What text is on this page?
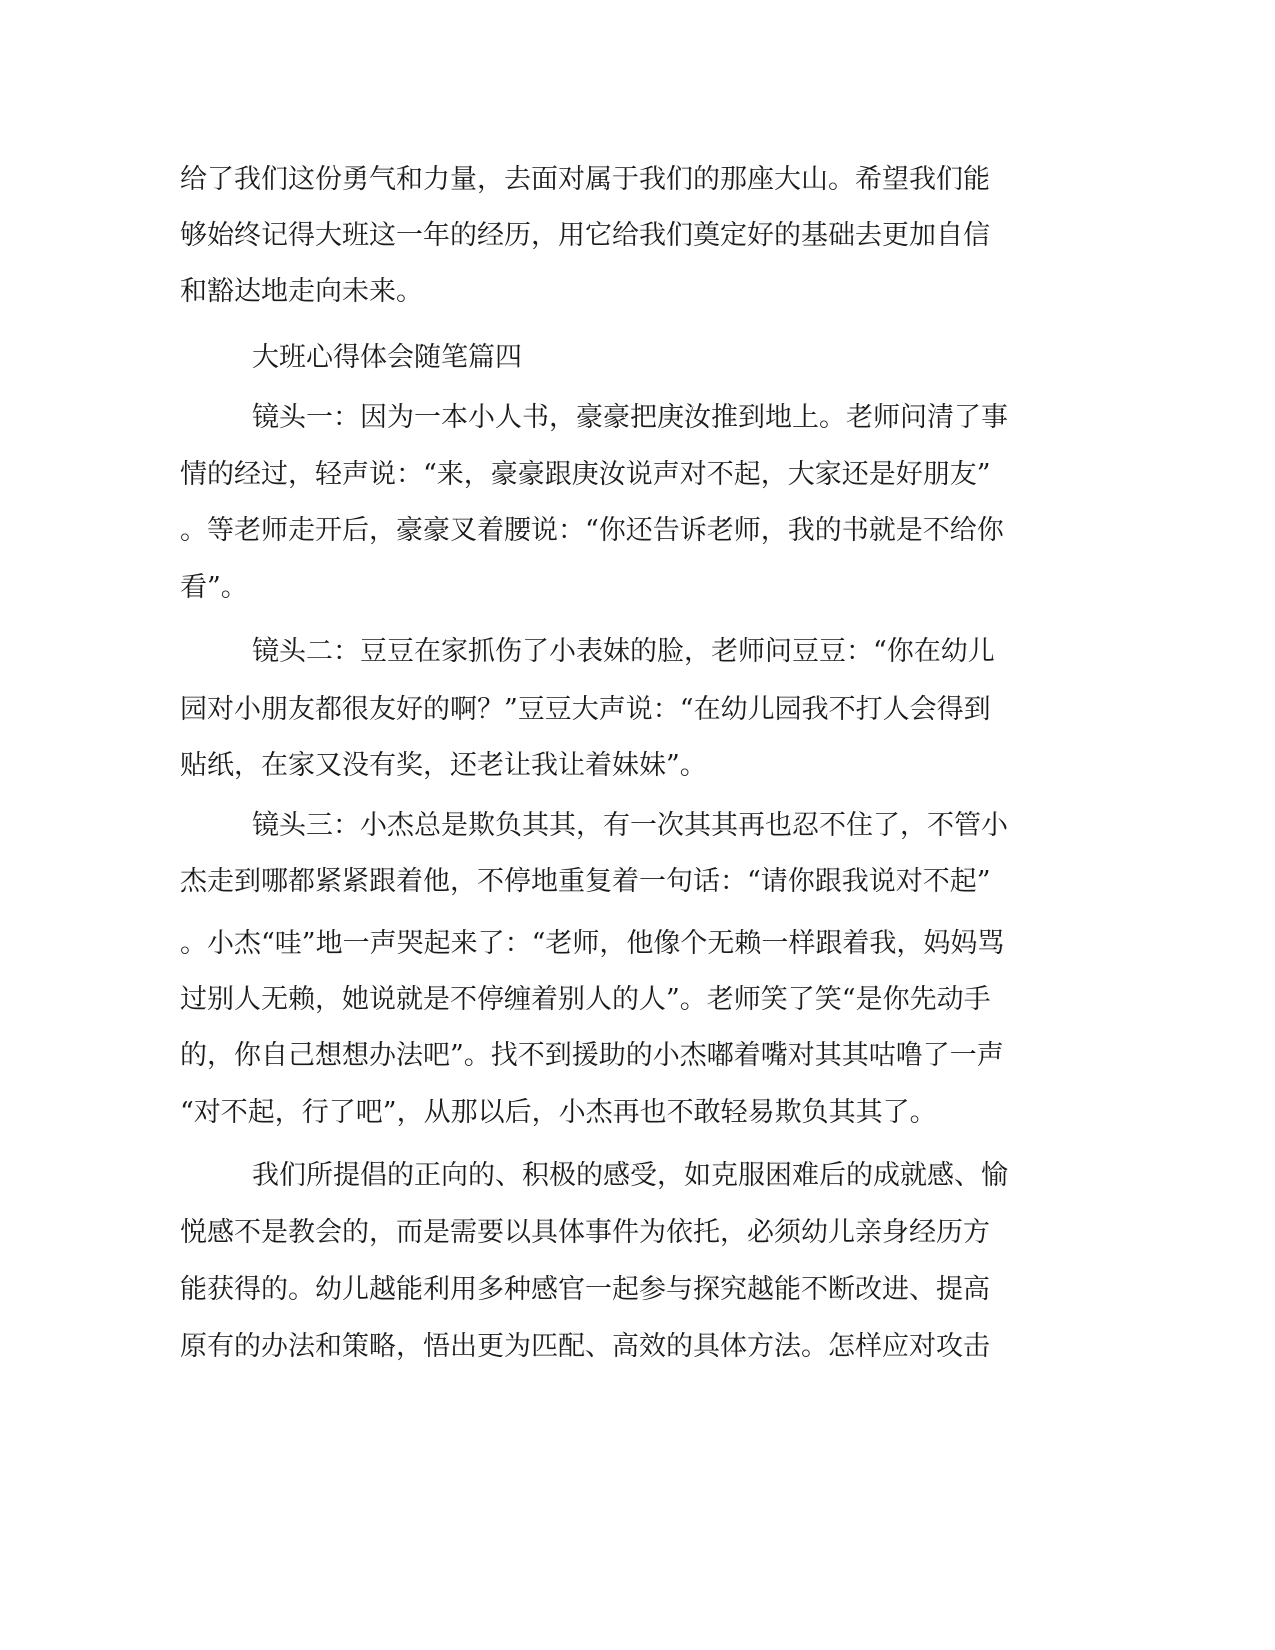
给了我们这份勇气和力量，去面对属于我们的那座大山。希望我们能

够始终记得大班这一年的经历，用它给我们奠定好的基础去更加自信

和豁达地走向未来。

大班心得体会随笔篇四

镜头一：因为一本小人书，豪豪把庚汝推到地上。老师问清了事

情的经过，轻声说：“来，豪豪跟庚汝说声对不起，大家还是好朋友”

。等老师走开后，豪豪叉着腰说：“你还告诉老师，我的书就是不给你

看”。

镜头二：豆豆在家抓伤了小表妹的脸，老师问豆豆：“你在幼儿

园对小朋友都很友好的啊？”豆豆大声说：“在幼儿园我不打人会得到

贴纸，在家又没有奖，还老让我让着妹妹”。

镜头三：小杰总是欺负其其，有一次其其再也忍不住了，不管小

杰走到哪都紧紧跟着他，不停地重复着一句话：“请你跟我说对不起”

。小杰“哇”地一声哭起来了：“老师，他像个无赖一样跟着我，妈妈骂

过别人无赖，她说就是不停缠着别人的人”。老师笑了笑“是你先动手

的，你自己想想办法吧”。找不到援助的小杰嘟着嘴对其其咕噜了一声

“对不起，行了吧”，从那以后，小杰再也不敢轻易欺负其其了。

我们所提倡的正向的、积极的感受，如克服困难后的成就感、愉

悦感不是教会的，而是需要以具体事件为依托，必须幼儿亲身经历方

能获得的。幼儿越能利用多种感官一起参与探究越能不断改进、提高

原有的办法和策略，悟出更为匹配、高效的具体方法。怎样应对攻击
